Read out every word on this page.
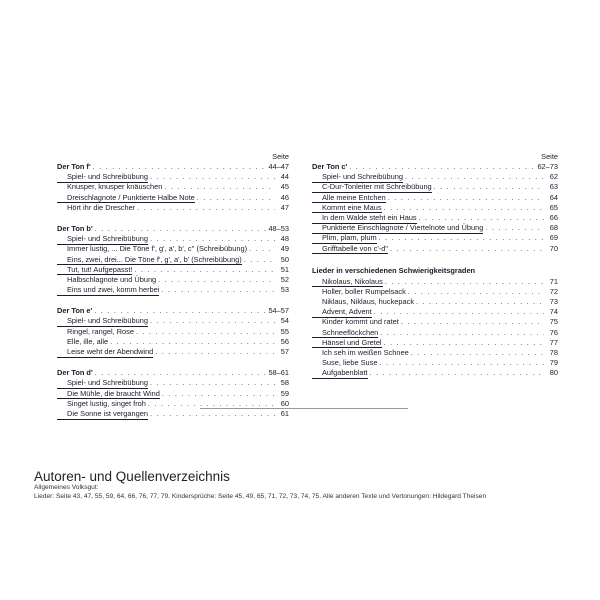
Seite
Der Ton f' . . .	44–47
Spiel- und Schreibübung . . .	44
Knusper, knusper knäuschen . . .	45
Dreischlagnote / Punktierte Halbe Note . . .	46
Hört ihr die Drescher . . .	47
Der Ton b' . . .	48–53
Spiel- und Schreibübung . . .	48
Immer lustig, ... Die Töne f', g', a', b', c'' (Schreibübung) . . .	49
Eins, zwei, drei... Die Töne f', g', a', b' (Schreibübung) . . .	50
Tut, tut! Aufgepasst! . . .	51
Halbschlagnote und Übung . . .	52
Eins und zwei, komm herbei . . .	53
Der Ton e' . . .	54–57
Spiel- und Schreibübung . . .	54
Ringel, rangel, Rose . . .	55
Elle, ille, alle . . .	56
Leise weht der Abendwind . . .	57
Der Ton d' . . .	58–61
Spiel- und Schreibübung . . .	58
Die Mühle, die braucht Wind . . .	59
Singet lustig, singet froh . . .	60
Die Sonne ist vergangen . . .	61
Seite
Der Ton c' . . .	62–73
Spiel- und Schreibübung . . .	62
C-Dur-Tonleiter mit Schreibübung . . .	63
Alle meine Entchen . . .	64
Kommt eine Maus . . .	65
In dem Walde steht ein Haus . . .	66
Punktierte Einschlagnote / Viertelnote und Übung . . .	68
Plim, plam, plum . . .	69
Grifftabelle von c'-d'' . . .	70
Lieder in verschiedenen Schwierigkeitsgraden
Nikolaus, Nikolaus . . .	71
Holler, boller Rumpelsack . . .	72
Niklaus, Niklaus, huckepack . . .	73
Advent, Advent . . .	74
Kinder kommt und ratet . . .	75
Schneeflöckchen . . .	76
Hänsel und Gretel . . .	77
Ich seh im weißen Schnee . . .	78
Suse, liebe Suse . . .	79
Aufgabenblatt . . .	80
Autoren- und Quellenverzeichnis
Allgemeines Volksgut:
Lieder: Seite 43, 47, 55, 59, 64, 66, 76, 77, 79. Kindersprüche: Seite 45, 49, 65, 71, 72, 73, 74, 75. Alle anderen Texte und Vertonungen: Hildegard Theisen
